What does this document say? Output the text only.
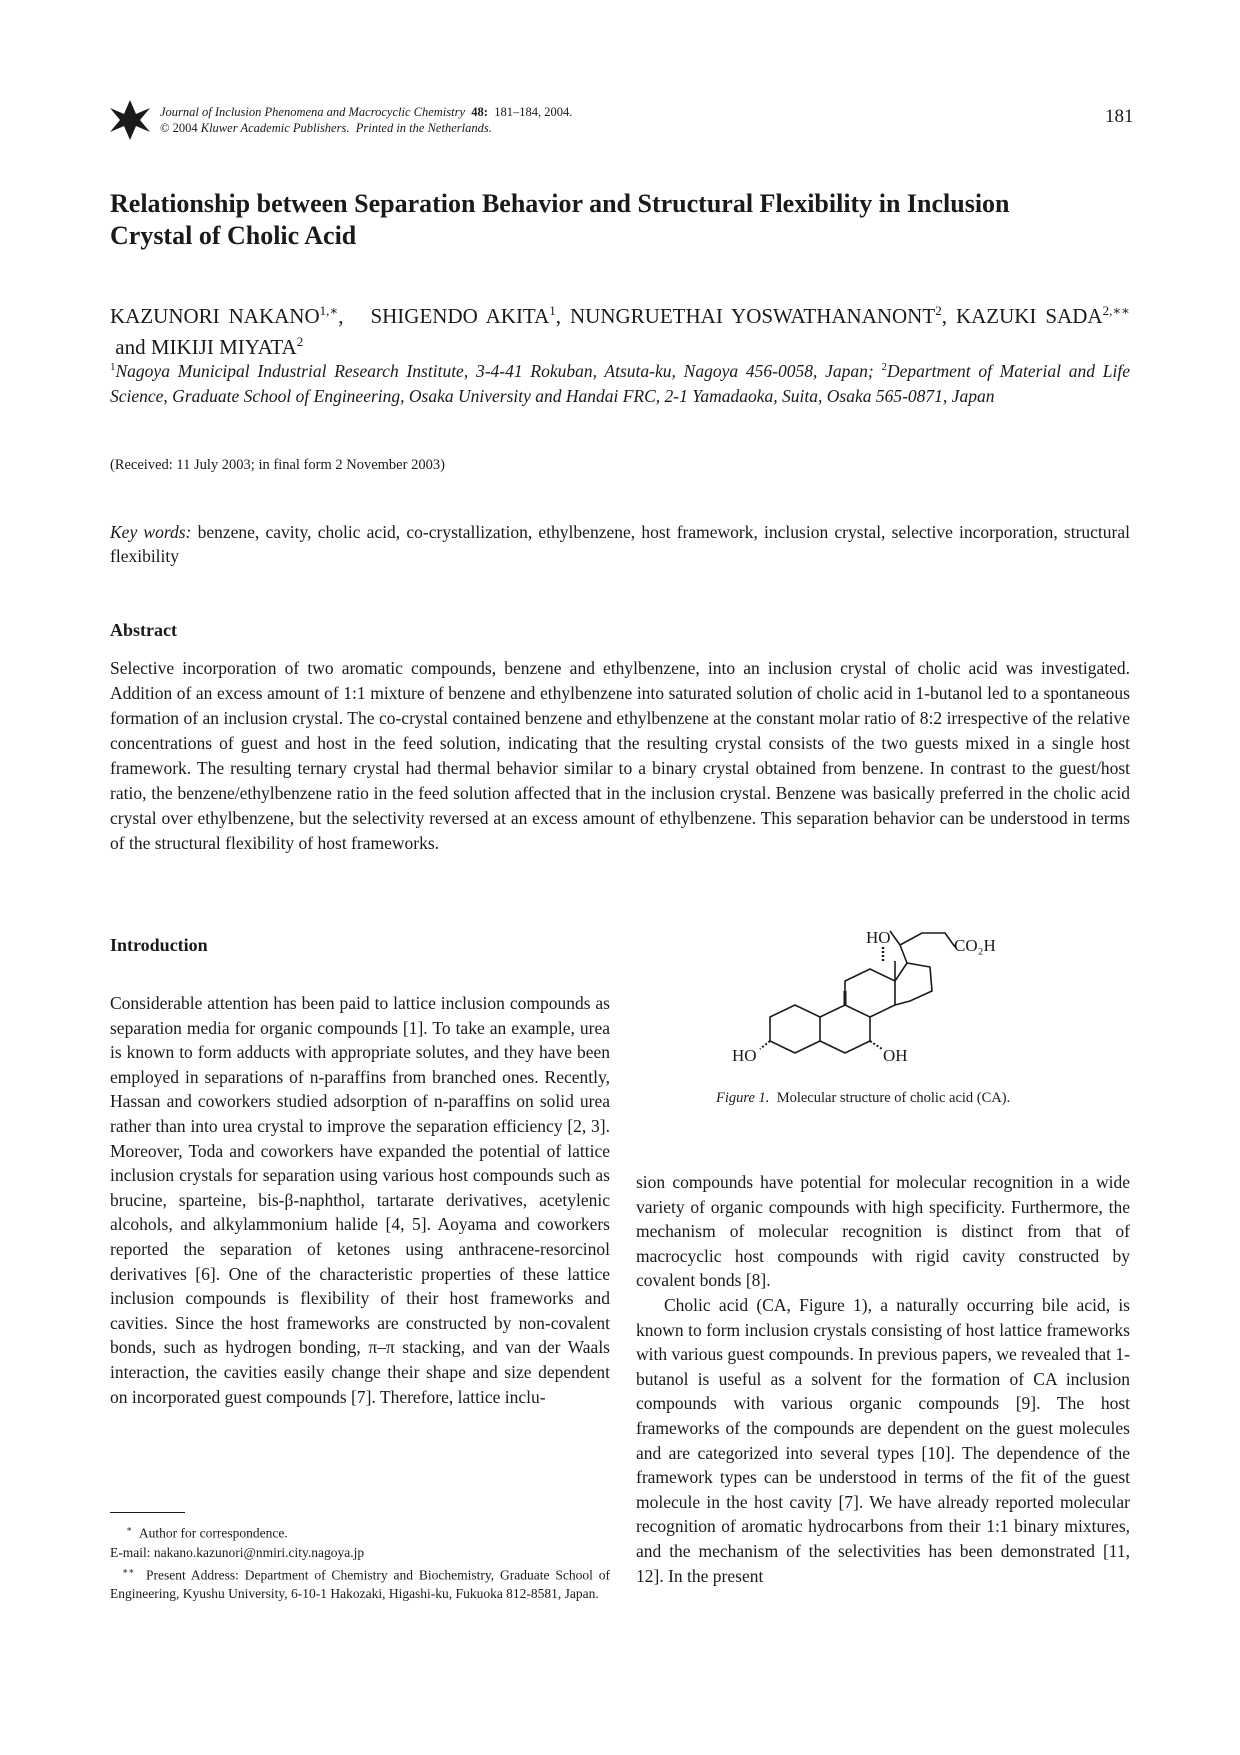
Journal of Inclusion Phenomena and Macrocyclic Chemistry 48: 181–184, 2004.
© 2004 Kluwer Academic Publishers. Printed in the Netherlands.
181
Relationship between Separation Behavior and Structural Flexibility in Inclusion Crystal of Cholic Acid
KAZUNORI $NAKANO^{1,∗}$,   SHIGENDO AKITA$^1$, NUNGRUETHAI YOSWATHANANONT$^2$, KAZUKI $SADA^{2,∗∗}$ and MIKIJI MIYATA$^2$
$^1$Nagoya Municipal Industrial Research Institute, 3-4-41 Rokuban, Atsuta-ku, Nagoya 456-0058, Japan; $^2$Department of Material and Life Science, Graduate School of Engineering, Osaka University and Handai FRC, 2-1 Yamadaoka, Suita, Osaka 565-0871, Japan
(Received: 11 July 2003; in final form 2 November 2003)
Key words: benzene, cavity, cholic acid, co-crystallization, ethylbenzene, host framework, inclusion crystal, selective incorporation, structural flexibility
Abstract
Selective incorporation of two aromatic compounds, benzene and ethylbenzene, into an inclusion crystal of cholic acid was investigated. Addition of an excess amount of 1:1 mixture of benzene and ethylbenzene into saturated solution of cholic acid in 1-butanol led to a spontaneous formation of an inclusion crystal. The co-crystal contained benzene and ethylbenzene at the constant molar ratio of 8:2 irrespective of the relative concentrations of guest and host in the feed solution, indicating that the resulting crystal consists of the two guests mixed in a single host framework. The resulting ternary crystal had thermal behavior similar to a binary crystal obtained from benzene. In contrast to the guest/host ratio, the benzene/ethylbenzene ratio in the feed solution affected that in the inclusion crystal. Benzene was basically preferred in the cholic acid crystal over ethylbenzene, but the selectivity reversed at an excess amount of ethylbenzene. This separation behavior can be understood in terms of the structural flexibility of host frameworks.
Introduction

Considerable attention has been paid to lattice inclusion compounds as separation media for organic compounds [1]. To take an example, urea is known to form adducts with appropriate solutes, and they have been employed in separations of n-paraffins from branched ones. Recently, Hassan and coworkers studied adsorption of n-paraffins on solid urea rather than into urea crystal to improve the separation efficiency [2, 3]. Moreover, Toda and coworkers have expanded the potential of lattice inclusion crystals for separation using various host compounds such as brucine, sparteine, bis-β-naphthol, tartarate derivatives, acetylenic alcohols, and alkylammonium halide [4, 5]. Aoyama and coworkers reported the separation of ketones using anthracene-resorcinol derivatives [6]. One of the characteristic properties of these lattice inclusion compounds is flexibility of their host frameworks and cavities. Since the host frameworks are constructed by non-covalent bonds, such as hydrogen bonding, π–π stacking, and van der Waals interaction, the cavities easily change their shape and size dependent on incorporated guest compounds [7]. Therefore, lattice inclu-

HO	CO₂H
HO	OH
Figure 1. Molecular structure of cholic acid (CA).

sion compounds have potential for molecular recognition in a wide variety of organic compounds with high specificity. Furthermore, the mechanism of molecular recognition is distinct from that of macrocyclic host compounds with rigid cavity constructed by covalent bonds [8].

Cholic acid (CA, Figure 1), a naturally occurring bile acid, is known to form inclusion crystals consisting of host lattice frameworks with various guest compounds. In previous papers, we revealed that 1-butanol is useful as a solvent for the formation of CA inclusion compounds with various organic compounds [9]. The host frameworks of the compounds are dependent on the guest molecules and are categorized into several types [10]. The dependence of the framework types can be understood in terms of the fit of the guest molecule in the host cavity [7]. We have already reported molecular recognition of aromatic hydrocarbons from their 1:1 binary mixtures, and the mechanism of the selectivities has been demonstrated [11, 12]. In the present

∗ Author for correspondence.

E-mail: nakano.kazunori@nmiri.city.nagoya.jp

∗∗ Present Address: Department of Chemistry and Biochemistry, Graduate School of Engineering, Kyushu University, 6-10-1 Hakozaki, Higashi-ku, Fukuoka 812-8581, Japan.
